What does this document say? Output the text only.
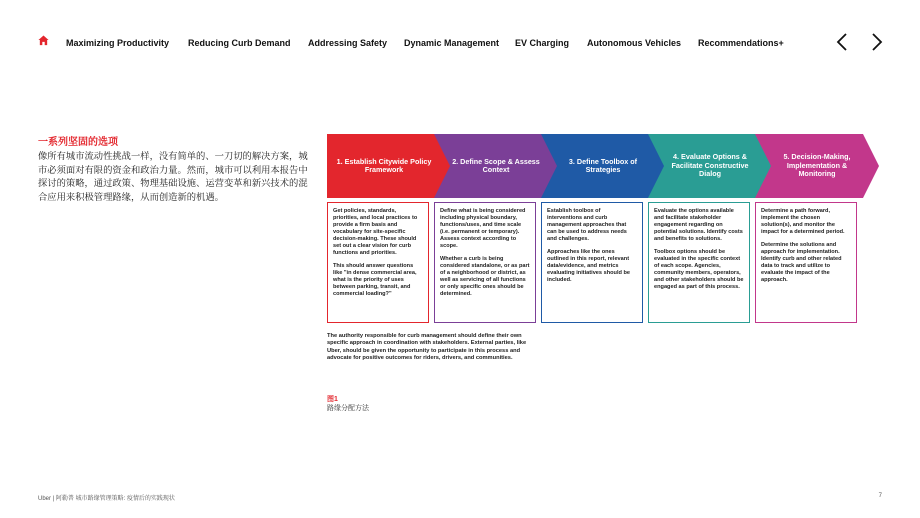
Maximizing Productivity Reducing Curb Demand Addressing Safety Dynamic Management EV Charging Autonomous Vehicles Recommendations+
一系列坚固的选项
像所有城市流动性挑战一样，没有简单的、一刀切的解决方案，城市必须面对有限的资金和政治力量。然而，城市可以利用本报告中探讨的策略，通过政策、物理基础设施、运营变革和新兴技术的混合应用来积极管理路缘，从而创造新的机遇。
1. Establish Citywide Policy Framework
2. Define Scope & Assess Context
3. Define Toolbox of Strategies
4. Evaluate Options & Facilitate Constructive Dialog
5. Decision-Making, Implementation & Monitoring

Get policies, standards, priorities, and local practices to provide a firm basis and vocabulary for site-specific decision-making. These should set out a clear vision for curb functions and priorities.

This should answer questions like "in dense commercial area, what is the priority of uses between parking, transit, and commercial loading?"

Define what is being considered including physical boundary, functions/uses, and time scale (i.e. permanent or temporary). Assess context according to scope.

Whether a curb is being considered standalone, or as part of a neighborhood or district, as well as servicing of all functions or only specific ones should be determined.

Establish toolbox of interventions and curb management approaches that can be used to address needs and challenges.

Approaches like the ones outlined in this report, relevant data/evidence, and metrics evaluating initiatives should be included.

Evaluate the options available and facilitate stakeholder engagement regarding on potential solutions. Identify costs and benefits to solutions.

Toolbox options should be evaluated in the specific context of each scope. Agencies, community members, operators, and other stakeholders should be engaged as part of this process.

Determine a path forward, implement the chosen solution(s), and monitor the impact for a determined period.

Determine the solutions and approach for implementation. Identify curb and other related data to track and utilize to evaluate the impact of the approach.

The authority responsible for curb management should define their own specific approach in coordination with stakeholders. External parties, like Uber, should be given the opportunity to participate in this process and advocate for positive outcomes for riders, drivers, and communities.
图1
路缘分配方法
Uber | 阿勒普 城市路缘管理策略: 疫情后的实践现状	7
